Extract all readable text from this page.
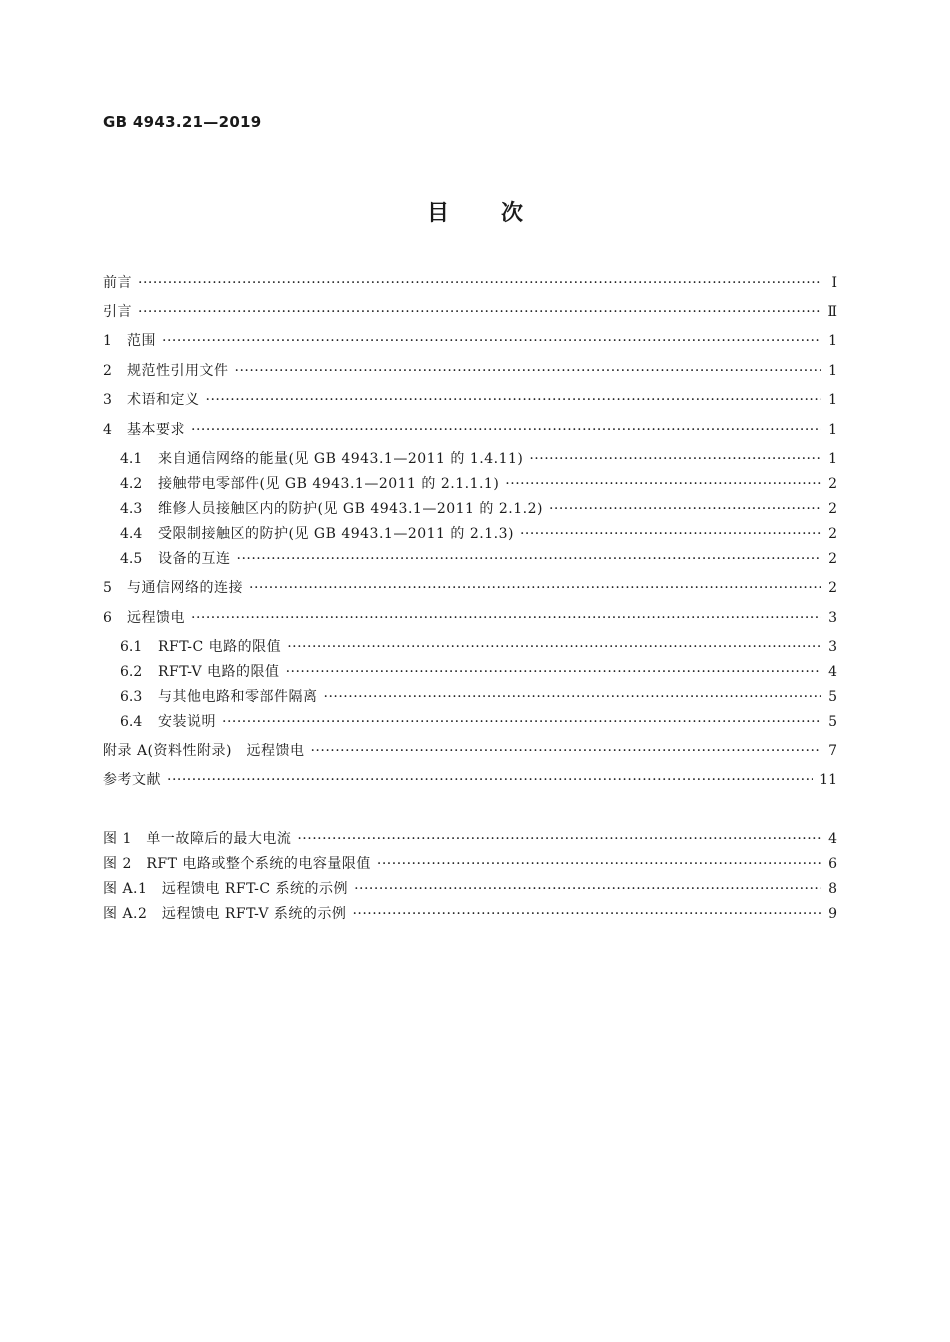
GB 4943.21—2019
目次
前言 ·····	Ⅰ
引言 ·····	Ⅱ
1	范围 ·····	1
2	规范性引用文件 ·····	1
3	术语和定义 ·····	1
4	基本要求 ·····	1
4.1	来自通信网络的能量(见 GB 4943.1—2011 的 1.4.11) ·····	1
4.2	接触带电零部件(见 GB 4943.1—2011 的 2.1.1.1) ·····	2
4.3	维修人员接触区内的防护(见 GB 4943.1—2011 的 2.1.2) ·····	2
4.4	受限制接触区的防护(见 GB 4943.1—2011 的 2.1.3) ·····	2
4.5	设备的互连 ·····	2
5	与通信网络的连接 ·····	2
6	远程馈电 ·····	3
6.1	RFT-C 电路的限值 ·····	3
6.2	RFT-V 电路的限值 ·····	4
6.3	与其他电路和零部件隔离 ·····	5
6.4	安装说明 ·····	5
附录 A(资料性附录)　远程馈电 ·····	7
参考文献 ·····	11
图 1　单一故障后的最大电流 ·····	4
图 2　RFT 电路或整个系统的电容量限值 ·····	6
图 A.1　远程馈电 RFT-C 系统的示例 ·····	8
图 A.2　远程馈电 RFT-V 系统的示例 ·····	9
